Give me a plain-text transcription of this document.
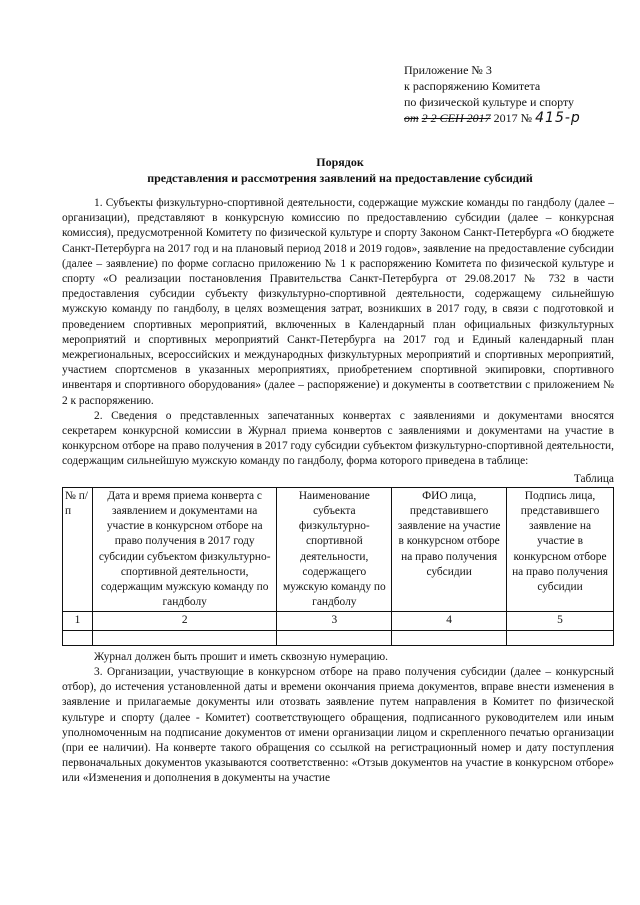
Приложение № 3
к распоряжению Комитета
по физической культуре и спорту
от 2 2 СЕН 2017 2017 № 415-р
Порядок
представления и рассмотрения заявлений на предоставление субсидий

1. Субъекты физкультурно-спортивной деятельности, содержащие мужские команды по гандболу (далее – организации), представляют в конкурсную комиссию по предоставлению субсидии (далее – конкурсная комиссия), предусмотренной Комитету по физической культуре и спорту Законом Санкт-Петербурга «О бюджете Санкт-Петербурга на 2017 год и на плановый период 2018 и 2019 годов», заявление на предоставление субсидии (далее – заявление) по форме согласно приложению № 1 к распоряжению Комитета по физической культуре и спорту «О реализации постановления Правительства Санкт-Петербурга от 29.08.2017 № 732 в части предоставления субсидии субъекту физкультурно-спортивной деятельности, содержащему сильнейшую мужскую команду по гандболу, в целях возмещения затрат, возникших в 2017 году, в связи с подготовкой и проведением спортивных мероприятий, включенных в Календарный план официальных физкультурных мероприятий и спортивных мероприятий Санкт-Петербурга на 2017 год и Единый календарный план межрегиональных, всероссийских и международных физкультурных мероприятий и спортивных мероприятий, участием спортсменов в указанных мероприятиях, приобретением спортивной экипировки, спортивного инвентаря и спортивного оборудования» (далее – распоряжение) и документы в соответствии с приложением № 2 к распоряжению.

2. Сведения о представленных запечатанных конвертах с заявлениями и документами вносятся секретарем конкурсной комиссии в Журнал приема конвертов с заявлениями и документами на участие в конкурсном отборе на право получения в 2017 году субсидии субъектом физкультурно-спортивной деятельности, содержащим сильнейшую мужскую команду по гандболу, форма которого приведена в таблице:

Таблица
№ п/п	Дата и время приема конверта с заявлением и документами на участие в конкурсном отборе на право получения в 2017 году субсидии субъектом физкультурно-спортивной деятельности, содержащим мужскую команду по гандболу	Наименование субъекта физкультурно-спортивной деятельности, содержащего мужскую команду по гандболу	ФИО лица, представившего заявление на участие в конкурсном отборе на право получения субсидии	Подпись лица, представившего заявление на участие в конкурсном отборе на право получения субсидии
1	2	3	4	5

Журнал должен быть прошит и иметь сквозную нумерацию.

3. Организации, участвующие в конкурсном отборе на право получения субсидии (далее – конкурсный отбор), до истечения установленной даты и времени окончания приема документов, вправе внести изменения в заявление и прилагаемые документы или отозвать заявление путем направления в Комитет по физической культуре и спорту (далее - Комитет) соответствующего обращения, подписанного руководителем или иным уполномоченным на подписание документов от имени организации лицом и скрепленного печатью организации (при ее наличии). На конверте такого обращения со ссылкой на регистрационный номер и дату поступления первоначальных документов указываются соответственно: «Отзыв документов на участие в конкурсном отборе» или «Изменения и дополнения в документы на участие
